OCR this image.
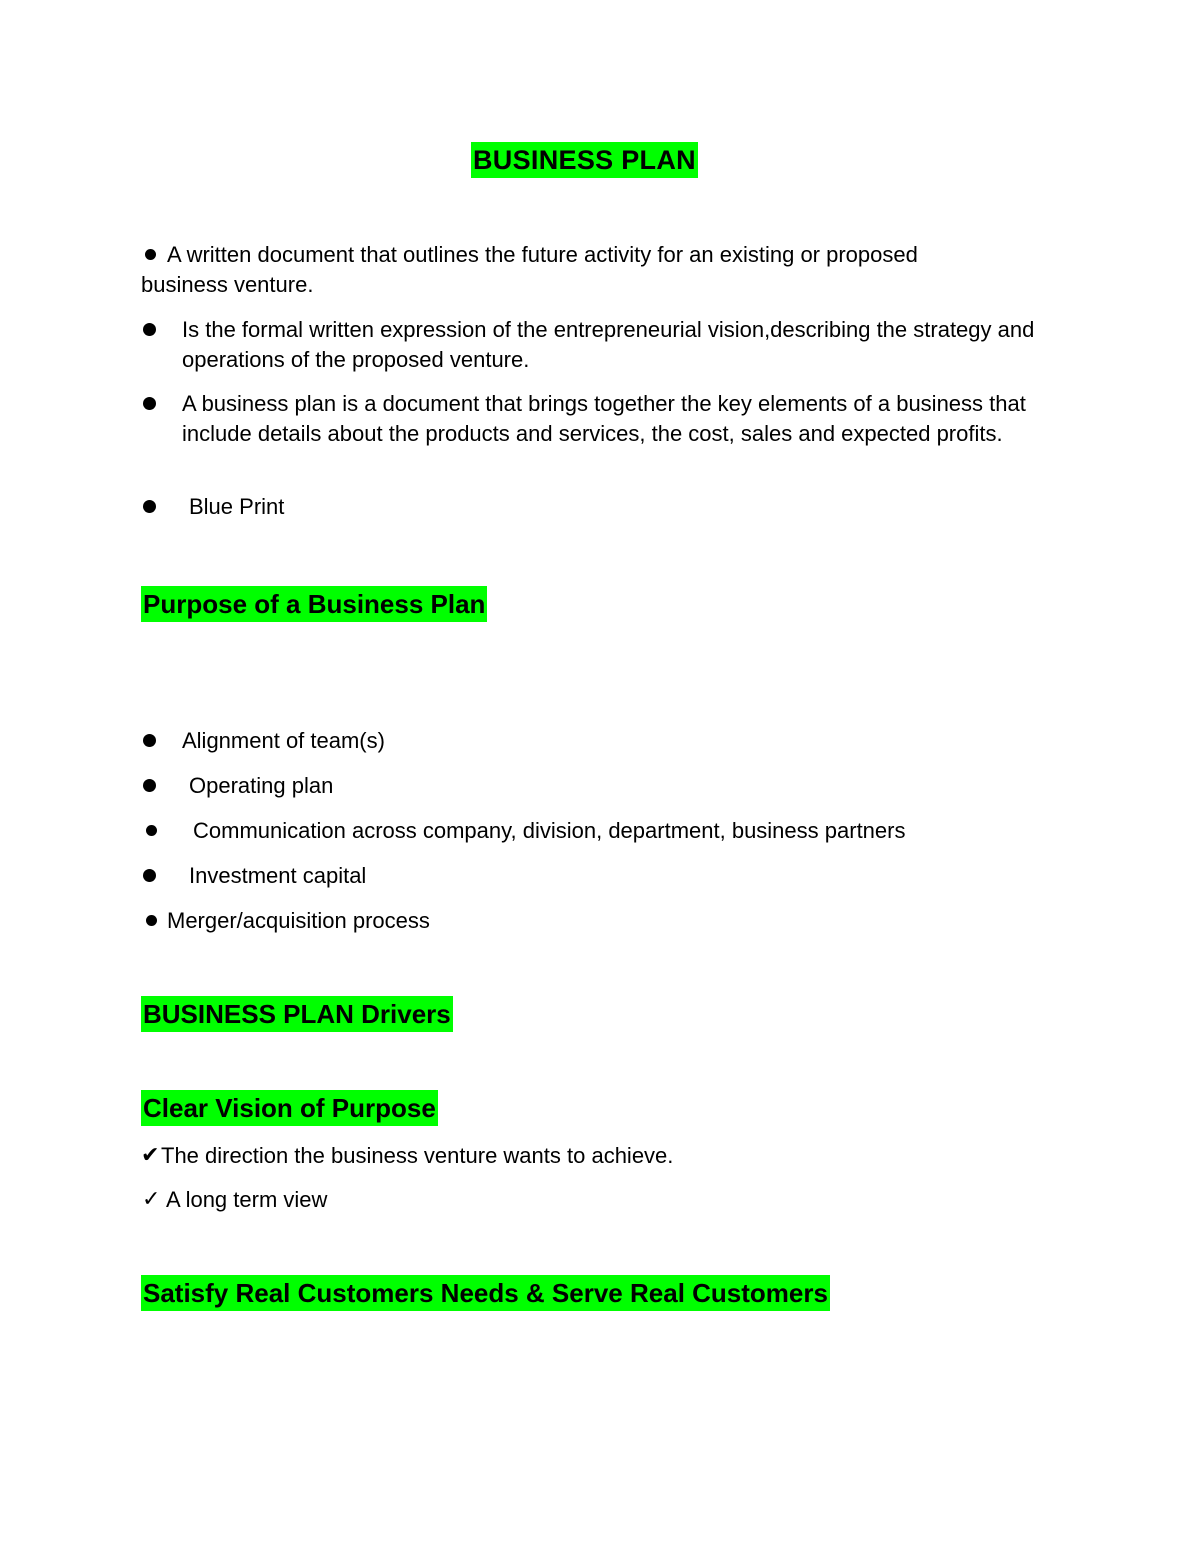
BUSINESS PLAN
A written document that outlines the future activity for an existing or proposed business venture.
Is the formal written expression of the entrepreneurial vision,describing the strategy and operations of the proposed venture.
A business plan is a document that brings together the key elements of a business that include details about the products and services, the cost, sales and expected profits.
Blue Print
Purpose of a Business Plan
Alignment of team(s)
Operating plan
Communication across company, division, department, business partners
Investment capital
Merger/acquisition process
BUSINESS PLAN Drivers
Clear Vision of Purpose
✔ The direction the business venture wants to achieve.
✓ A long term view
Satisfy Real Customers Needs & Serve Real Customers
